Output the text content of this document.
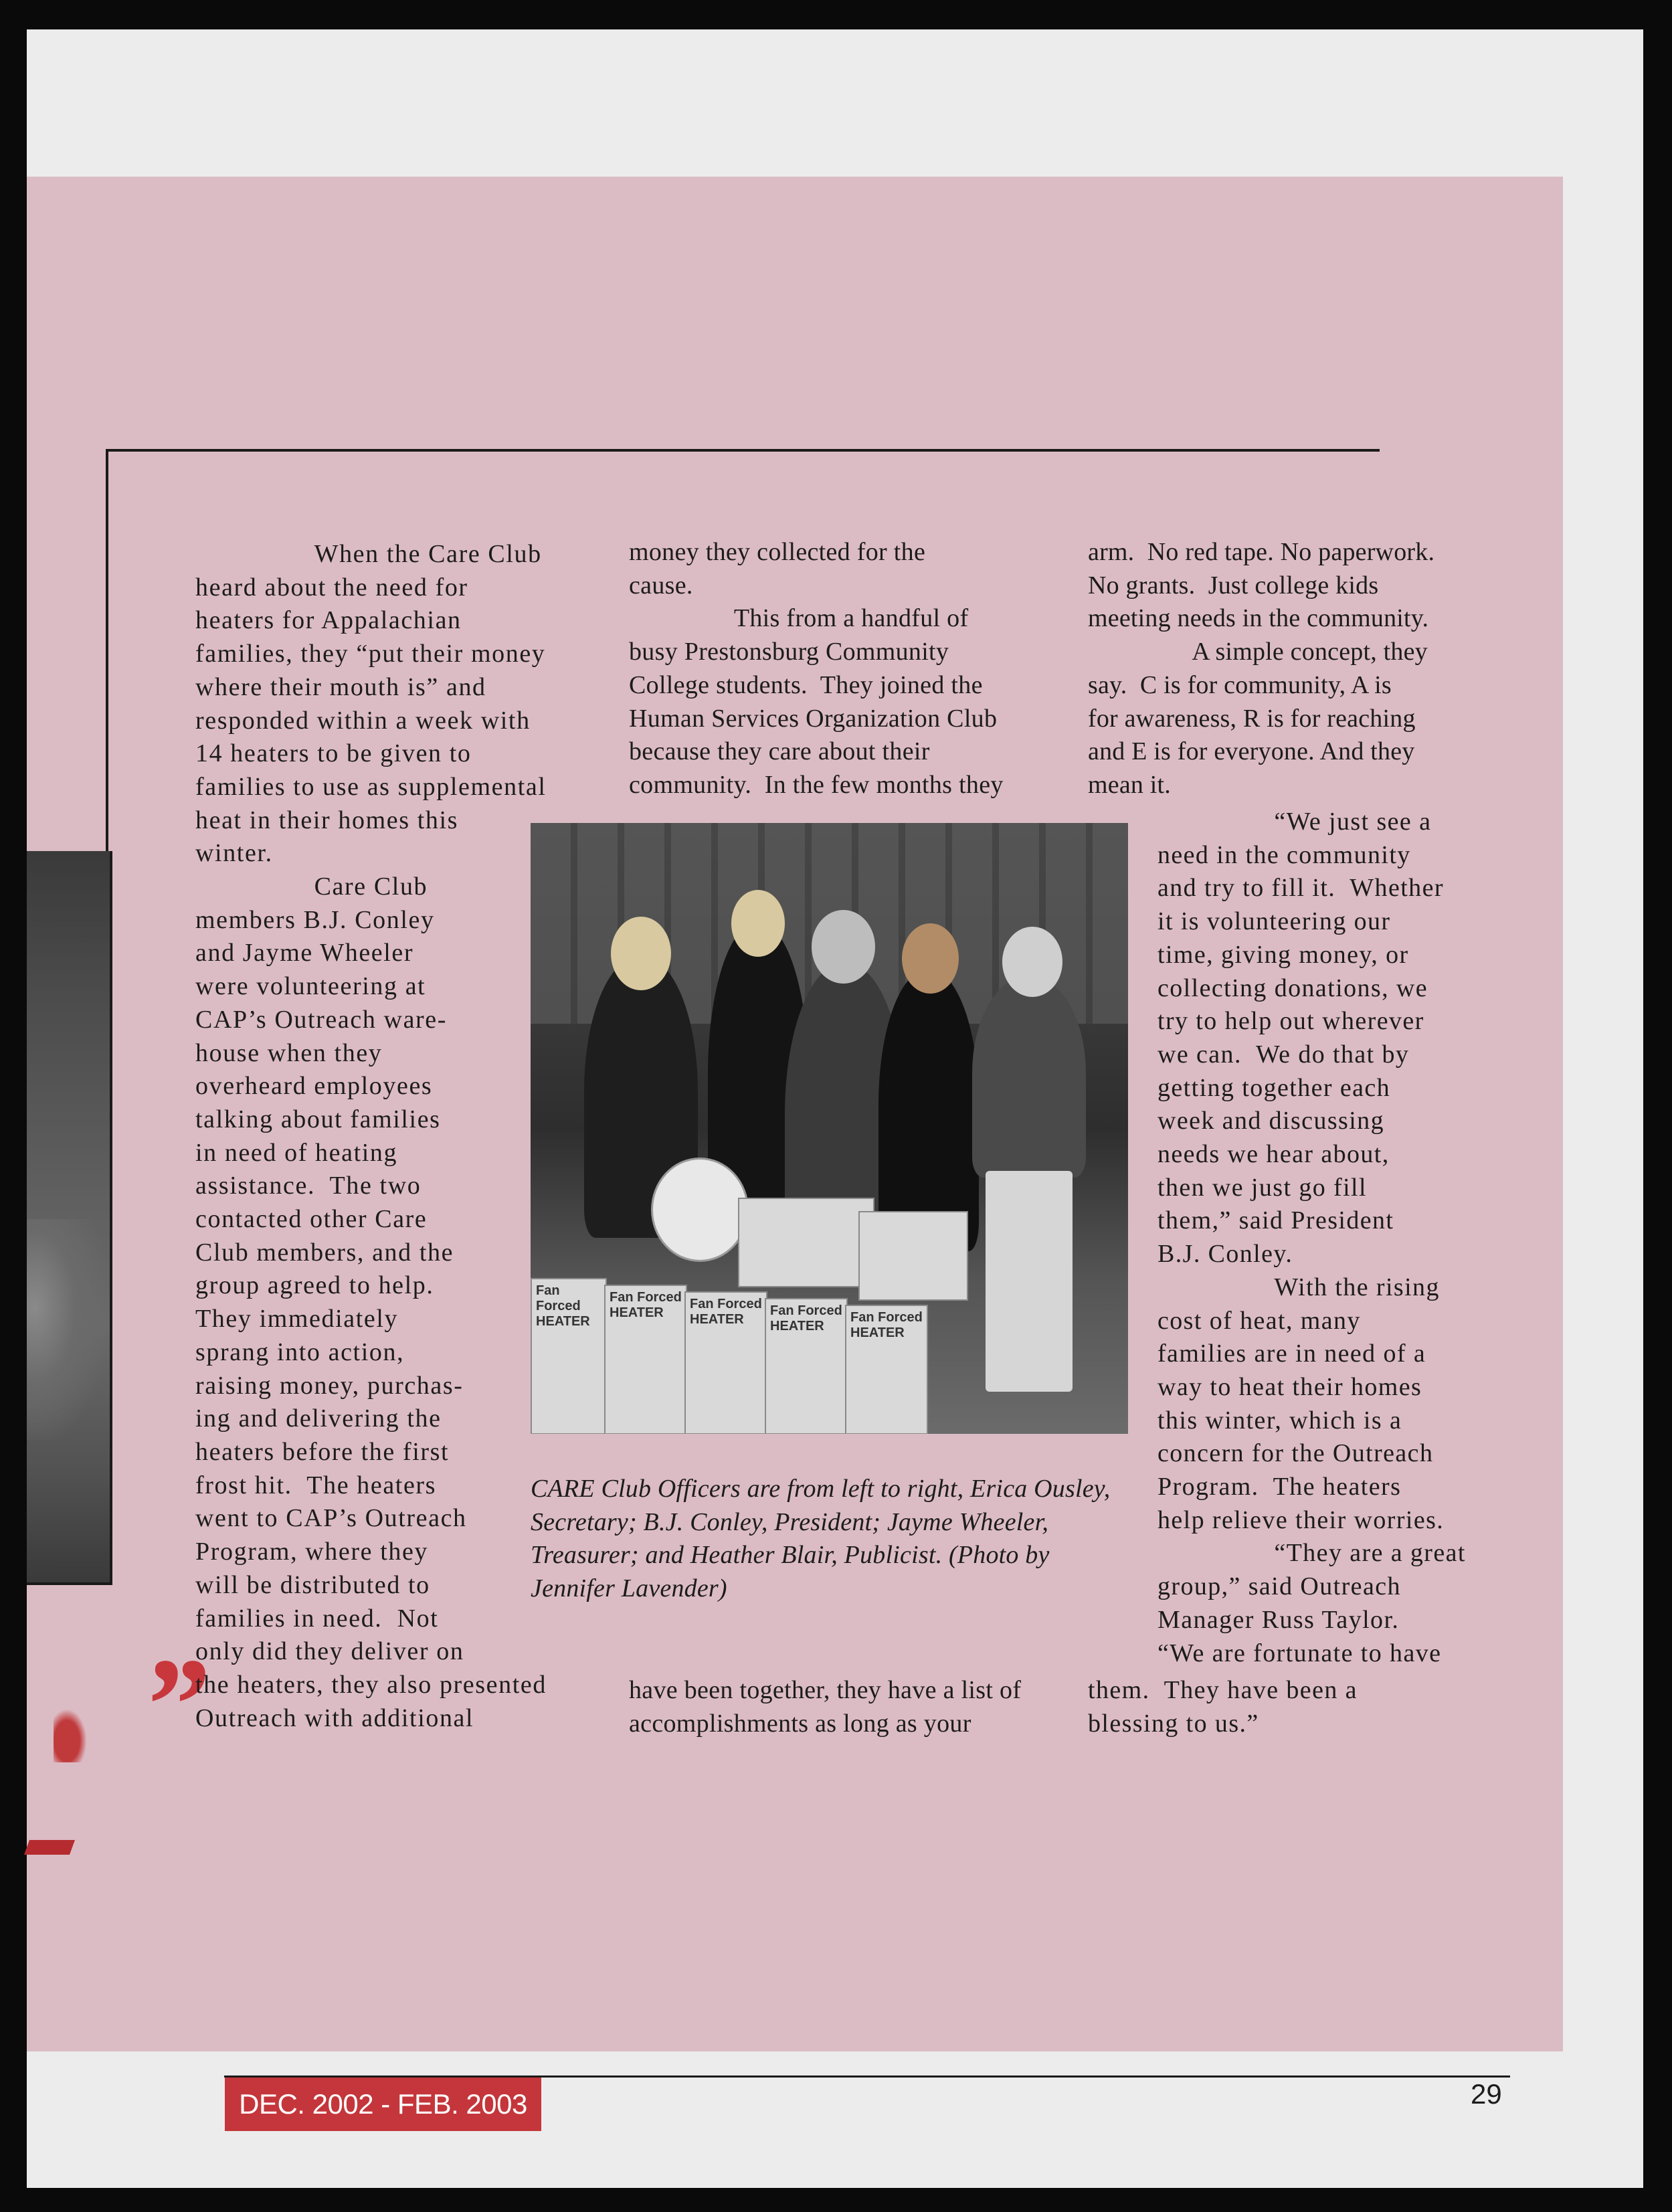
”
		When the Care Club
heard about the need for
heaters for Appalachian
families, they “put their money
where their mouth is” and
responded within a week with
14 heaters to be given to
families to use as supplemental
heat in their homes this
winter.
		Care Club
members B.J. Conley
and Jayme Wheeler
were volunteering at
CAP’s Outreach ware-
house when they
overheard employees
talking about families
in need of heating
assistance.  The two
contacted other Care
Club members, and the
group agreed to help.
They immediately
sprang into action,
raising money, purchas-
ing and delivering the
heaters before the first
frost hit.  The heaters
went to CAP’s Outreach
Program, where they
will be distributed to
families in need.  Not
only did they deliver on
the heaters, they also presented
Outreach with additional
money they collected for the
cause.
		This from a handful of
busy Prestonsburg Community
College students.  They joined the
Human Services Organization Club
because they care about their
community.  In the few months they
arm.  No red tape. No paperwork.
No grants.  Just college kids
meeting needs in the community.
		A simple concept, they
say.  C is for community, A is
for awareness, R is for reaching
and E is for everyone. And they
mean it.
		“We just see a
need in the community
and try to fill it.  Whether
it is volunteering our
time, giving money, or
collecting donations, we
try to help out wherever
we can.  We do that by
getting together each
week and discussing
needs we hear about,
then we just go fill
them,” said President
B.J. Conley.
		With the rising
cost of heat, many
families are in need of a
way to heat their homes
this winter, which is a
concern for the Outreach
Program.  The heaters
help relieve their worries.
		“They are a great
group,” said Outreach
Manager Russ Taylor.
“We are fortunate to have
have been together, they have a list of
accomplishments as long as your
them.  They have been a
blessing to us.”
Fan Forced HEATER
Fan Forced HEATER
Fan Forced HEATER
Fan Forced HEATER
Fan Forced HEATER
CARE Club Officers are from left to right, Erica Ousley,
Secretary; B.J. Conley, President; Jayme Wheeler,
Treasurer; and Heather Blair, Publicist. (Photo by
Jennifer Lavender)
DEC. 2002 - FEB. 2003	29
